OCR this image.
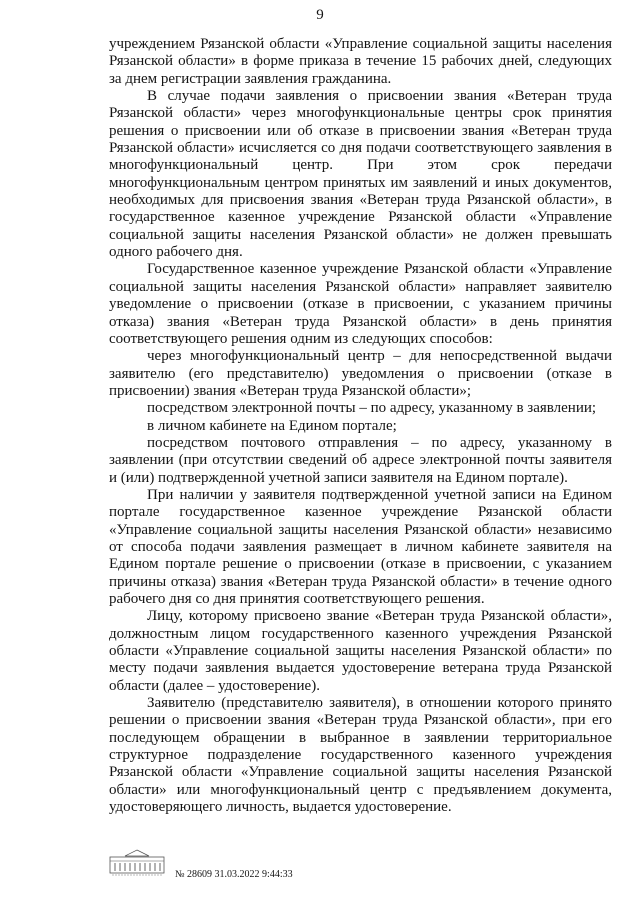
9

учреждением Рязанской области «Управление социальной защиты населения Рязанской области» в форме приказа в течение 15 рабочих дней, следующих за днем регистрации заявления гражданина.

В случае подачи заявления о присвоении звания «Ветеран труда Рязанской области» через многофункциональные центры срок принятия решения о присвоении или об отказе в присвоении звания «Ветеран труда Рязанской области» исчисляется со дня подачи соответствующего заявления в многофункциональный центр. При этом срок передачи многофункциональным центром принятых им заявлений и иных документов, необходимых для присвоения звания «Ветеран труда Рязанской области», в государственное казенное учреждение Рязанской области «Управление социальной защиты населения Рязанской области» не должен превышать одного рабочего дня.

Государственное казенное учреждение Рязанской области «Управление социальной защиты населения Рязанской области» направляет заявителю уведомление о присвоении (отказе в присвоении, с указанием причины отказа) звания «Ветеран труда Рязанской области» в день принятия соответствующего решения одним из следующих способов:

через многофункциональный центр – для непосредственной выдачи заявителю (его представителю) уведомления о присвоении (отказе в присвоении) звания «Ветеран труда Рязанской области»;

посредством электронной почты – по адресу, указанному в заявлении;

в личном кабинете на Едином портале;

посредством почтового отправления – по адресу, указанному в заявлении (при отсутствии сведений об адресе электронной почты заявителя и (или) подтвержденной учетной записи заявителя на Едином портале).

При наличии у заявителя подтвержденной учетной записи на Едином портале государственное казенное учреждение Рязанской области «Управление социальной защиты населения Рязанской области» независимо от способа подачи заявления размещает в личном кабинете заявителя на Едином портале решение о присвоении (отказе в присвоении, с указанием причины отказа) звания «Ветеран труда Рязанской области» в течение одного рабочего дня со дня принятия соответствующего решения.

Лицу, которому присвоено звание «Ветеран труда Рязанской области», должностным лицом государственного казенного учреждения Рязанской области «Управление социальной защиты населения Рязанской области» по месту подачи заявления выдается удостоверение ветерана труда Рязанской области (далее – удостоверение).

Заявителю (представителю заявителя), в отношении которого принято решении о присвоении звания «Ветеран труда Рязанской области», при его последующем обращении в выбранное в заявлении территориальное структурное подразделение государственного казенного учреждения Рязанской области «Управление социальной защиты населения Рязанской области» или многофункциональный центр с предъявлением документа, удостоверяющего личность, выдается удостоверение.

№ 28609 31.03.2022 9:44:33
